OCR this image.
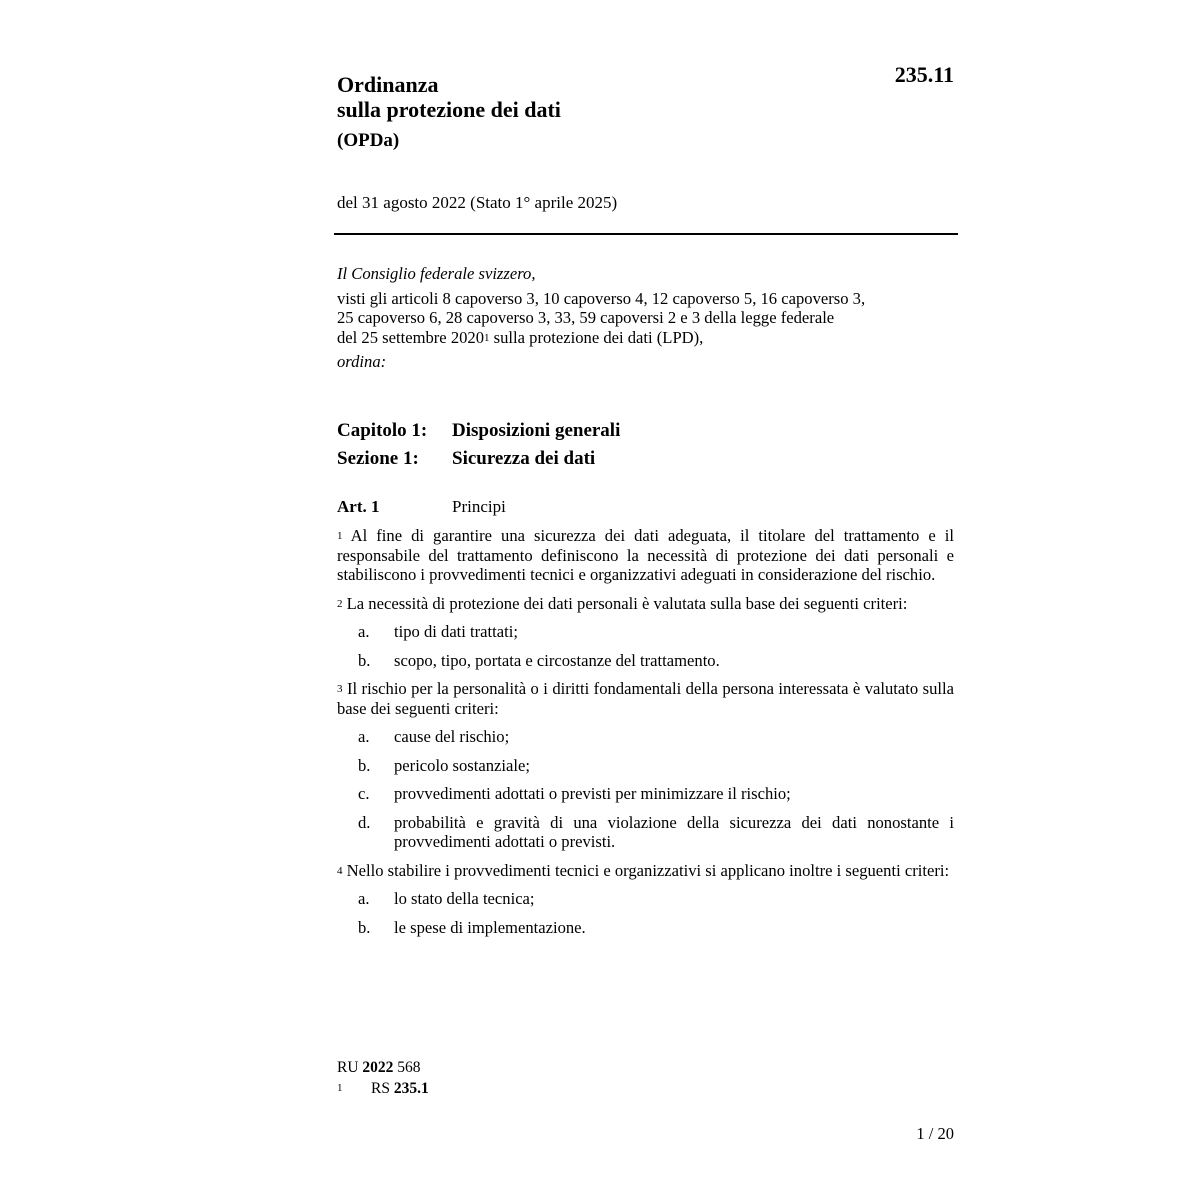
Ordinanza
sulla protezione dei dati
(OPDa)
235.11
del 31 agosto 2022 (Stato 1° aprile 2025)

Il Consiglio federale svizzero,

visti gli articoli 8 capoverso 3, 10 capoverso 4, 12 capoverso 5, 16 capoverso 3,

25 capoverso 6, 28 capoverso 3, 33, 59 capoversi 2 e 3 della legge federale

del 25 settembre 2020$^1$ sulla protezione dei dati (LPD),

ordina:

Capitolo 1: Disposizioni generali
Sezione 1: Sicurezza dei dati
Art. 1	Principi

$^1$ Al fine di garantire una sicurezza dei dati adeguata, il titolare del trattamento e il responsabile del trattamento definiscono la necessità di protezione dei dati personali e stabiliscono i provvedimenti tecnici e organizzativi adeguati in considerazione del rischio.

$^2$ La necessità di protezione dei dati personali è valutata sulla base dei seguenti criteri:

a.	tipo di dati trattati;
b.	scopo, tipo, portata e circostanze del trattamento.

$^3$ Il rischio per la personalità o i diritti fondamentali della persona interessata è valutato sulla base dei seguenti criteri:

a.	cause del rischio;
b.	pericolo sostanziale;
c.	provvedimenti adottati o previsti per minimizzare il rischio;
d.	probabilità e gravità di una violazione della sicurezza dei dati nonostante i provvedimenti adottati o previsti.

$^4$ Nello stabilire i provvedimenti tecnici e organizzativi si applicano inoltre i seguenti criteri:

a.	lo stato della tecnica;
b.	le spese di implementazione.
RU 2022 568
1	RS 235.1
1 / 20
